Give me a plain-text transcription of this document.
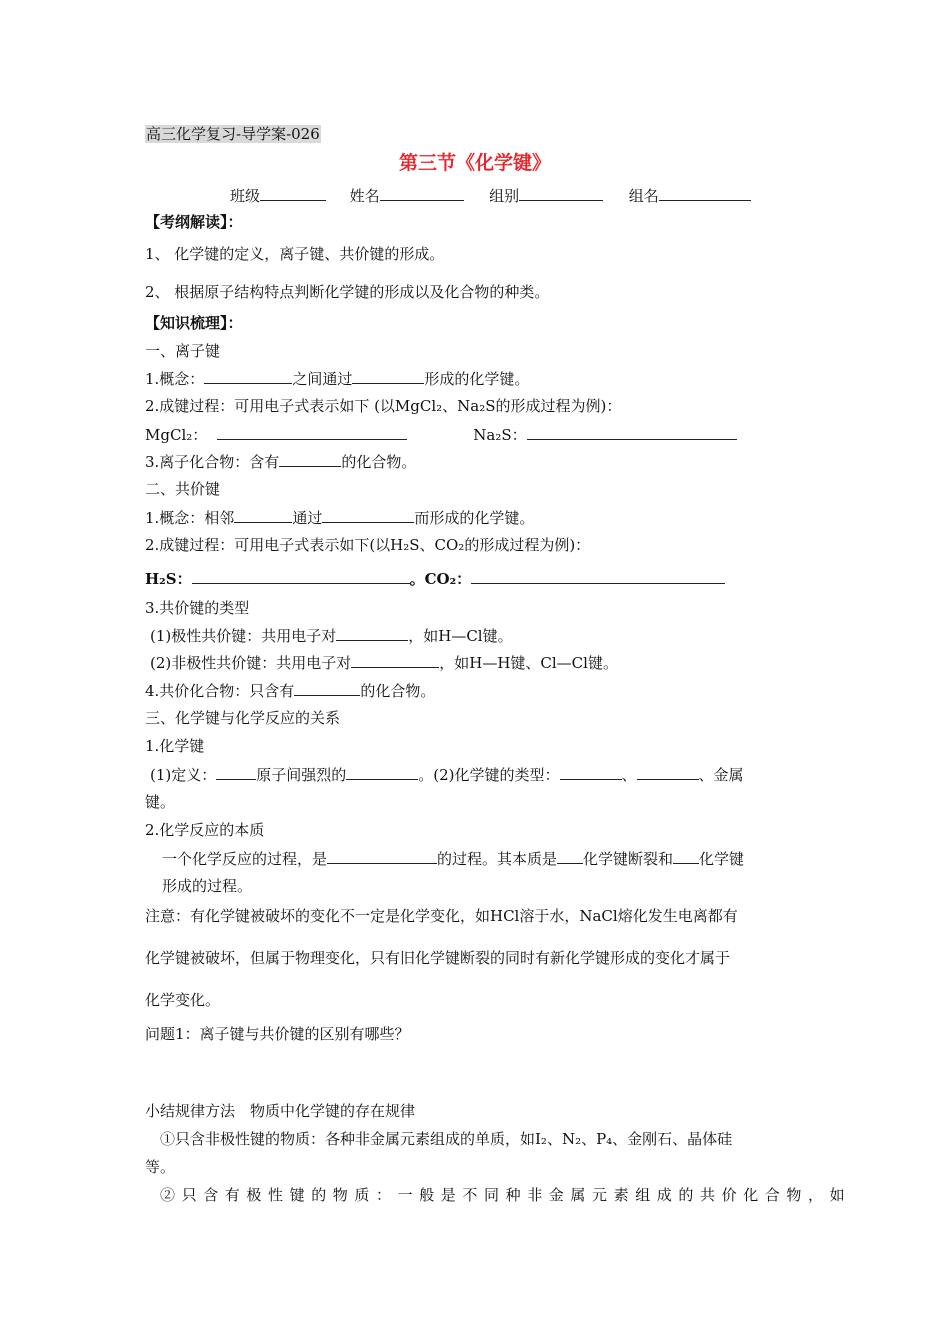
高三化学复习-导学案-026
第三节《化学键》
班级	姓名	组别	组名
【考纲解读】：
1、 化学键的定义，离子键、共价键的形成。
2、 根据原子结构特点判断化学键的形成以及化合物的种类。
【知识梳理】：
一、离子键
1.概念：	之间通过	形成的化学键。
2.成键过程：可用电子式表示如下 (以MgCl₂、Na₂S的形成过程为例)：
MgCl₂：	Na₂S：
3.离子化合物：含有	的化合物。
二、共价键
1.概念：相邻	通过	而形成的化学键。
2.成键过程：可用电子式表示如下(以H₂S、CO₂的形成过程为例)：
H₂S：	。CO₂：
3.共价键的类型
(1)极性共价键：共用电子对	，如H—Cl键。
(2)非极性共价键：共用电子对	，如H—H键、Cl—Cl键。
4.共价化合物：只含有	的化合物。
三、化学键与化学反应的关系
1.化学键
(1)定义：	原子间强烈的	。(2)化学键的类型：	、	、金属
键。
2.化学反应的本质
一个化学反应的过程，是	的过程。其本质是 化学键断裂和 化学键
形成的过程。
注意：有化学键被破坏的变化不一定是化学变化，如HCl溶于水，NaCl熔化发生电离都有
化学键被破坏，但属于物理变化，只有旧化学键断裂的同时有新化学键形成的变化才属于
化学变化。
问题1：离子键与共价键的区别有哪些？
小结规律方法　物质中化学键的存在规律
①只含非极性键的物质：各种非金属元素组成的单质，如I₂、N₂、P₄、金刚石、晶体硅
等。
②只含有极性键的物质：一般是不同种非金属元素组成的共价化合物，如
